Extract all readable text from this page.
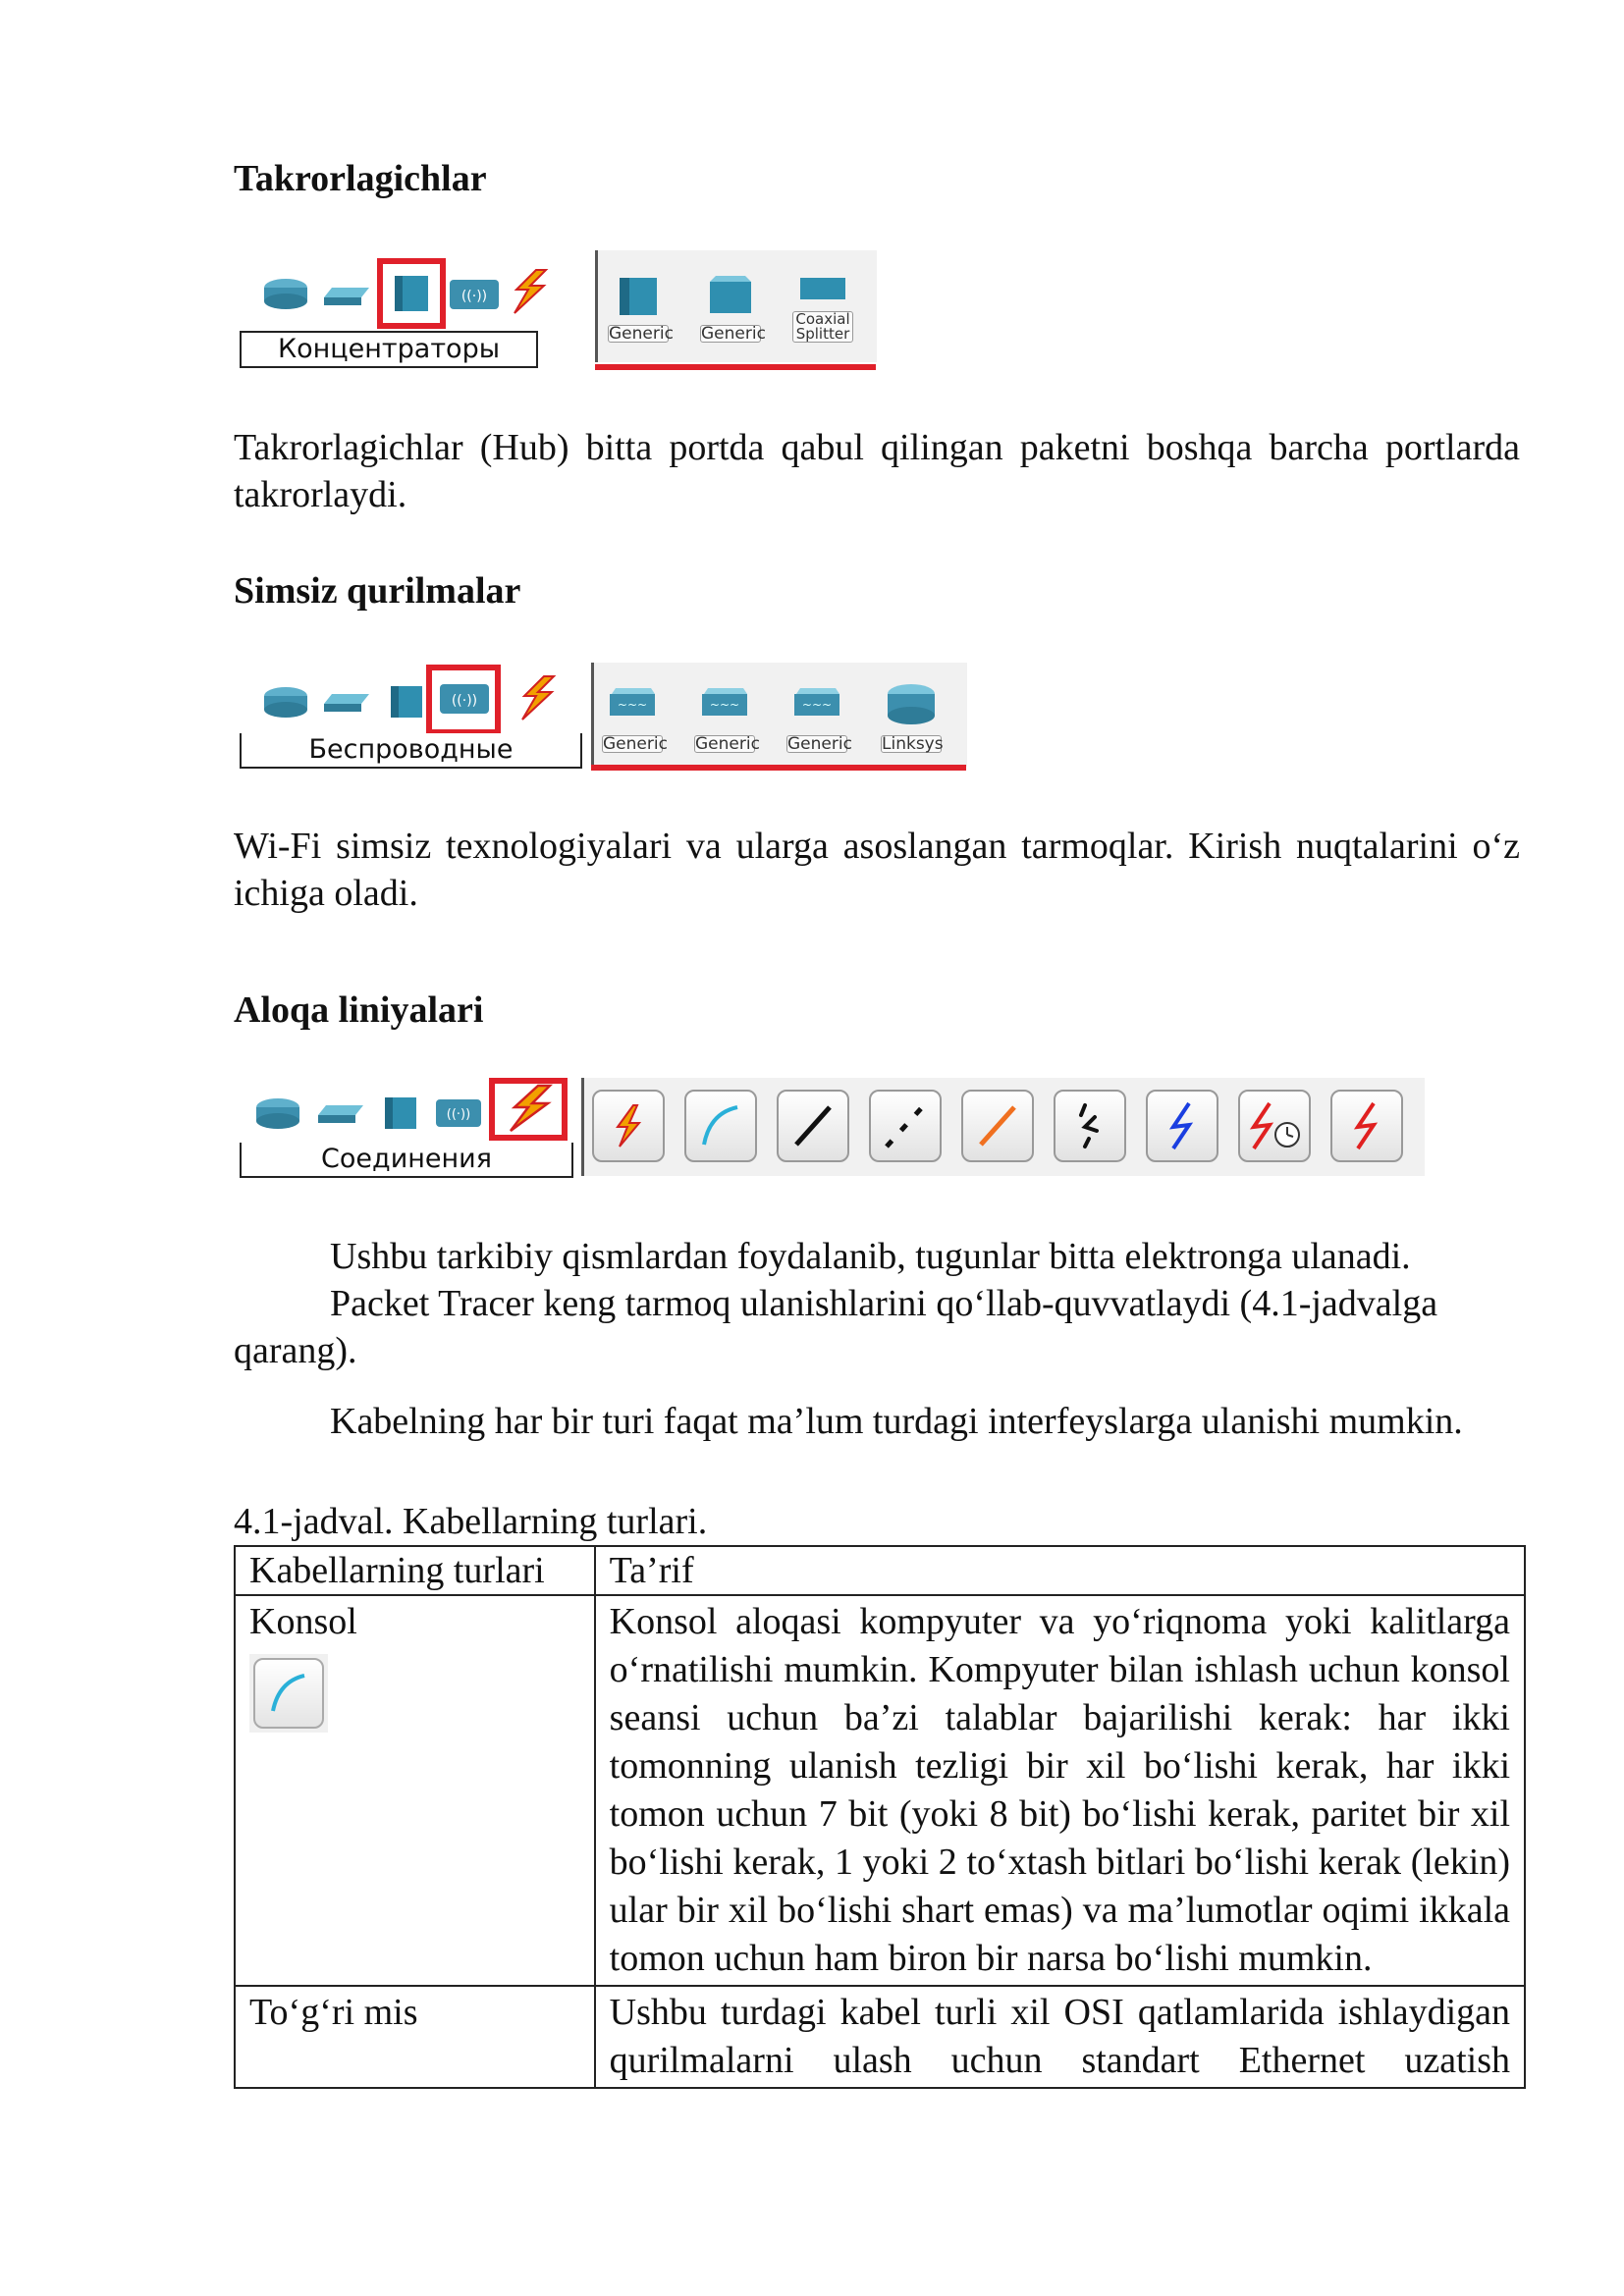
Takrorlagichlar
((·))
Концентраторы	Generic Generic
Coaxial Splitter
Takrorlagichlar (Hub) bitta portda qabul qilingan paketni boshqa barcha portlarda takrorlaydi.
Simsiz qurilmalar
((·))
Беспроводные
~~~
Generic
~~~
Generic
~~~
Generic Linksys
Wi-Fi simsiz texnologiyalari va ularga asoslangan tarmoqlar. Kirish nuqtalarini o‘z ichiga oladi.
Aloqa liniyalari
((·))
Соединения
Ushbu tarkibiy qismlardan foydalanib, tugunlar bitta elektronga ulanadi.
Packet Tracer keng tarmoq ulanishlarini qo‘llab-quvvatlaydi (4.1-jadvalga qarang).
Kabelning har bir turi faqat ma’lum turdagi interfeyslarga ulanishi mumkin.
4.1-jadval. Kabellarning turlari.
Kabellarning turlari	Ta’rif

Konsol	Konsol aloqasi kompyuter va yo‘riqnoma yoki kalitlarga o‘rnatilishi mumkin. Kompyuter bilan ishlash uchun konsol seansi uchun ba’zi talablar bajarilishi kerak: har ikki tomonning ulanish tezligi bir xil bo‘lishi kerak, har ikki tomon uchun 7 bit (yoki 8 bit) bo‘lishi kerak, paritet bir xil bo‘lishi kerak, 1 yoki 2 to‘xtash bitlari bo‘lishi kerak (lekin) ular bir xil bo‘lishi shart emas) va ma’lumotlar oqimi ikkala tomon uchun ham biron bir narsa bo‘lishi mumkin.
To‘g‘ri mis	Ushbu turdagi kabel turli xil OSI qatlamlarida ishlaydigan qurilmalarni ulash uchun standart Ethernet uzatish
